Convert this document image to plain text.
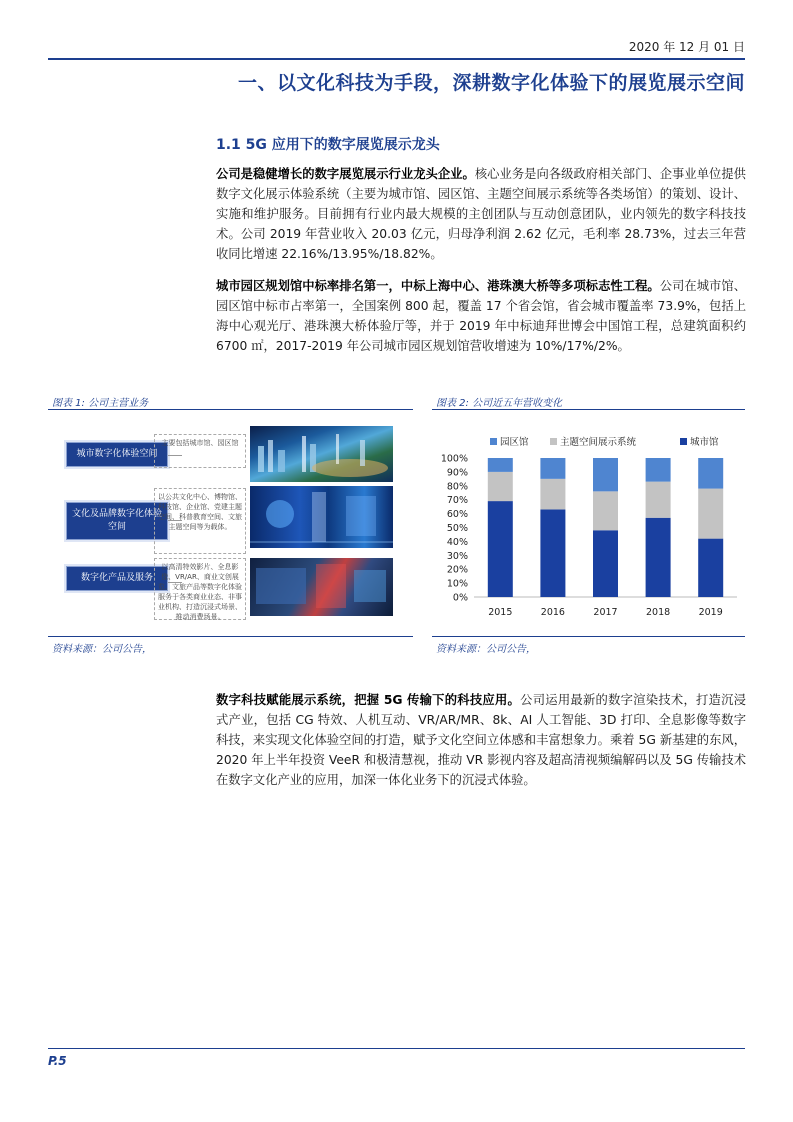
2020 年 12 月 01 日
一、以文化科技为手段，深耕数字化体验下的展览展示空间
1.1 5G 应用下的数字展览展示龙头
公司是稳健增长的数字展览展示行业龙头企业。核心业务是向各级政府相关部门、企事业单位提供数字文化展示体验系统（主要为城市馆、园区馆、主题空间展示系统等各类场馆）的策划、设计、实施和维护服务。目前拥有行业内最大规模的主创团队与互动创意团队，业内领先的数字科技技术。公司 2019 年营业收入 20.03 亿元，归母净利润 2.62 亿元，毛利率 28.73%，过去三年营收同比增速 22.16%/13.95%/18.82%。
城市园区规划馆中标率排名第一，中标上海中心、港珠澳大桥等多项标志性工程。公司在城市馆、园区馆中标市占率第一，全国案例 800 起，覆盖 17 个省会馆，省会城市覆盖率 73.9%，包括上海中心观光厅、港珠澳大桥体验厅等，并于 2019 年中标迪拜世博会中国馆工程，总建筑面积约 6700 ㎡，2017-2019 年公司城市园区规划馆营收增速为 10%/17%/2%。
图表 1: 公司主营业务
城市数字化体验空间
主要包括城市馆、园区馆
文化及品牌数字化体验空间
以公共文化中心、博物馆、科技馆、企业馆、党建主题空间、科普教育空间、文旅主题空间等为载体。
数字化产品及服务
以高清特效影片、全息影像、VR/AR、商业文创展览、文旅产品等数字化体验服务于各类商业业态、非事业机构、打造沉浸式场景、推动消费场景。
资料来源：公司公告，
图表 2: 公司近五年营收变化
园区馆	主题空间展示系统	城市馆
0%
10%
20%
30%
40%
50%
60%
70%
80%
90%
100%
2015	2016	2017	2018	2019
资料来源：公司公告，
数字科技赋能展示系统，把握 5G 传输下的科技应用。公司运用最新的数字渲染技术，打造沉浸式产业，包括 CG 特效、人机互动、VR/AR/MR、8k、AI 人工智能、3D 打印、全息影像等数字科技，来实现文化体验空间的打造，赋予文化空间立体感和丰富想象力。乘着 5G 新基建的东风，2020 年上半年投资 VeeR 和极清慧视，推动 VR 影视内容及超高清视频编解码以及 5G 传输技术在数字文化产业的应用，加深一体化业务下的沉浸式体验。
P.5
